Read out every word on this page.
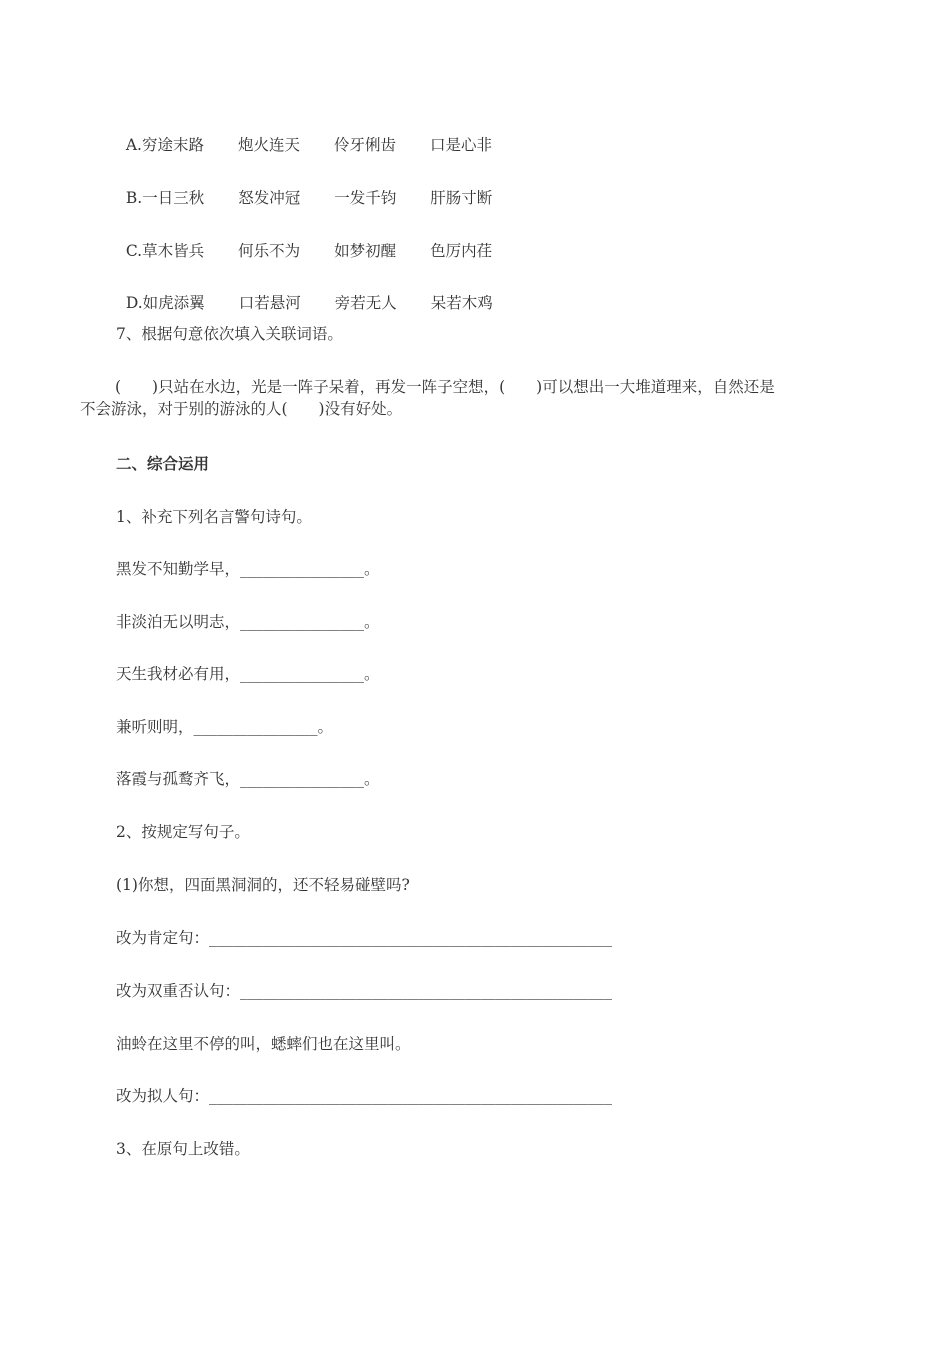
A.穷途末路 炮火连天 伶牙俐齿 口是心非

B.一日三秋 怒发冲冠 一发千钧 肝肠寸断

C.草木皆兵 何乐不为 如梦初醒 色厉内荏

D.如虎添翼 口若悬河 旁若无人 呆若木鸡

7、根据句意依次填入关联词语。
(　　)只站在水边，光是一阵子呆着，再发一阵子空想，(　　)可以想出一大堆道理来，自然还是
不会游泳，对于别的游泳的人(　　)没有好处。
二、综合运用
1、补充下列名言警句诗句。
黑发不知勤学早，________________。
非淡泊无以明志，________________。
天生我材必有用，________________。
兼听则明，________________。
落霞与孤鹜齐飞，________________。
2、按规定写句子。
(1)你想，四面黑洞洞的，还不轻易碰壁吗?
改为肯定句：____________________________________________________
改为双重否认句：________________________________________________
油蛉在这里不停的叫，蟋蟀们也在这里叫。
改为拟人句：____________________________________________________
3、在原句上改错。
